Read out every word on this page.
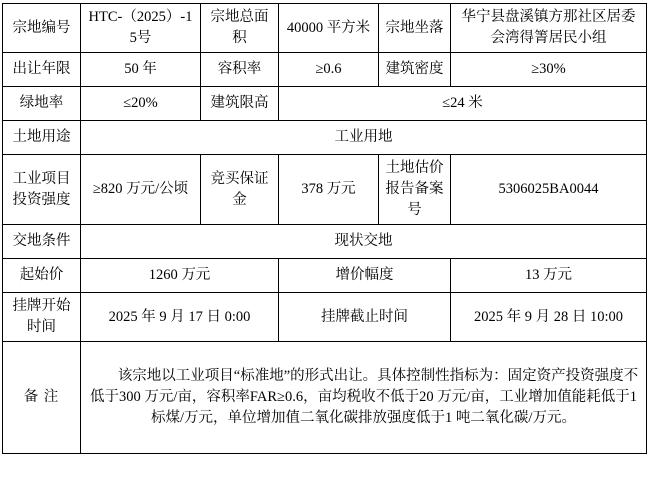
宗地编号	HTC-（2025）-15号	宗地总面积	40000 平方米	宗地坐落	华宁县盘溪镇方那社区居委会湾得箐居民小组
出让年限	50 年	容积率	≥0.6	建筑密度	≥30%
绿地率	≤20%	建筑限高	≤24 米		
土地用途	工业用地				
工业项目投资强度	≥820 万元/公顷	竞买保证金	378 万元	土地估价报告备案号	5306025BA0044
交地条件	现状交地				
起始价	1260 万元		增价幅度		13 万元
挂牌开始时间	2025 年 9 月 17 日 0:00		挂牌截止时间		2025 年 9 月 28 日 10:00
备 注	该宗地以工业项目“标准地”的形式出让。具体控制性指标为：固定资产投资强度不低于300 万元/亩，容积率FAR≥0.6，亩均税收不低于20 万元/亩，工业增加值能耗低于1 标煤/万元，单位增加值二氧化碳排放强度低于1 吨二氧化碳/万元。				
